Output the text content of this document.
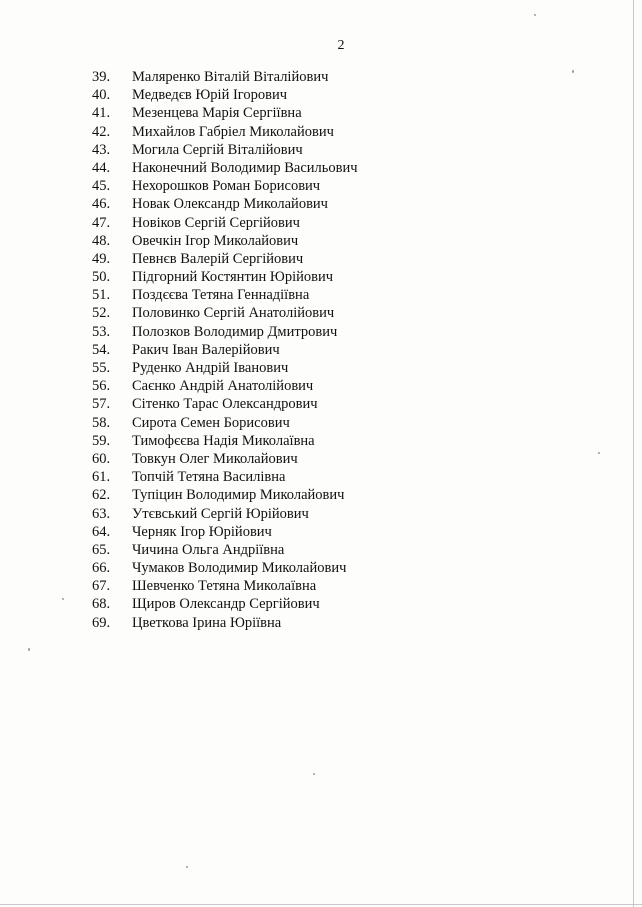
2
39. Маляренко Віталій Віталійович
40. Медведєв Юрій Ігорович
41. Мезенцева Марія Сергіївна
42. Михайлов Габріел Миколайович
43. Могила Сергій Віталійович
44. Наконечний Володимир Васильович
45. Нехорошков Роман Борисович
46. Новак Олександр Миколайович
47. Новіков Сергій Сергійович
48. Овечкін Ігор Миколайович
49. Певнєв Валерій Сергійович
50. Підгорний Костянтин Юрійович
51. Поздєєва Тетяна Геннадіївна
52. Половинко Сергій Анатолійович
53. Полозков Володимир Дмитрович
54. Ракич Іван Валерійович
55. Руденко Андрій Іванович
56. Саєнко Андрій Анатолійович
57. Сітенко Тарас Олександрович
58. Сирота Семен Борисович
59. Тимофєєва Надія Миколаївна
60. Товкун Олег Миколайович
61. Топчій Тетяна Василівна
62. Тупіцин Володимир Миколайович
63. Утєвський Сергій Юрійович
64. Черняк Ігор Юрійович
65. Чичина Ольга Андріївна
66. Чумаков Володимир Миколайович
67. Шевченко Тетяна Миколаївна
68. Щиров Олександр Сергійович
69. Цветкова Ірина Юріївна
